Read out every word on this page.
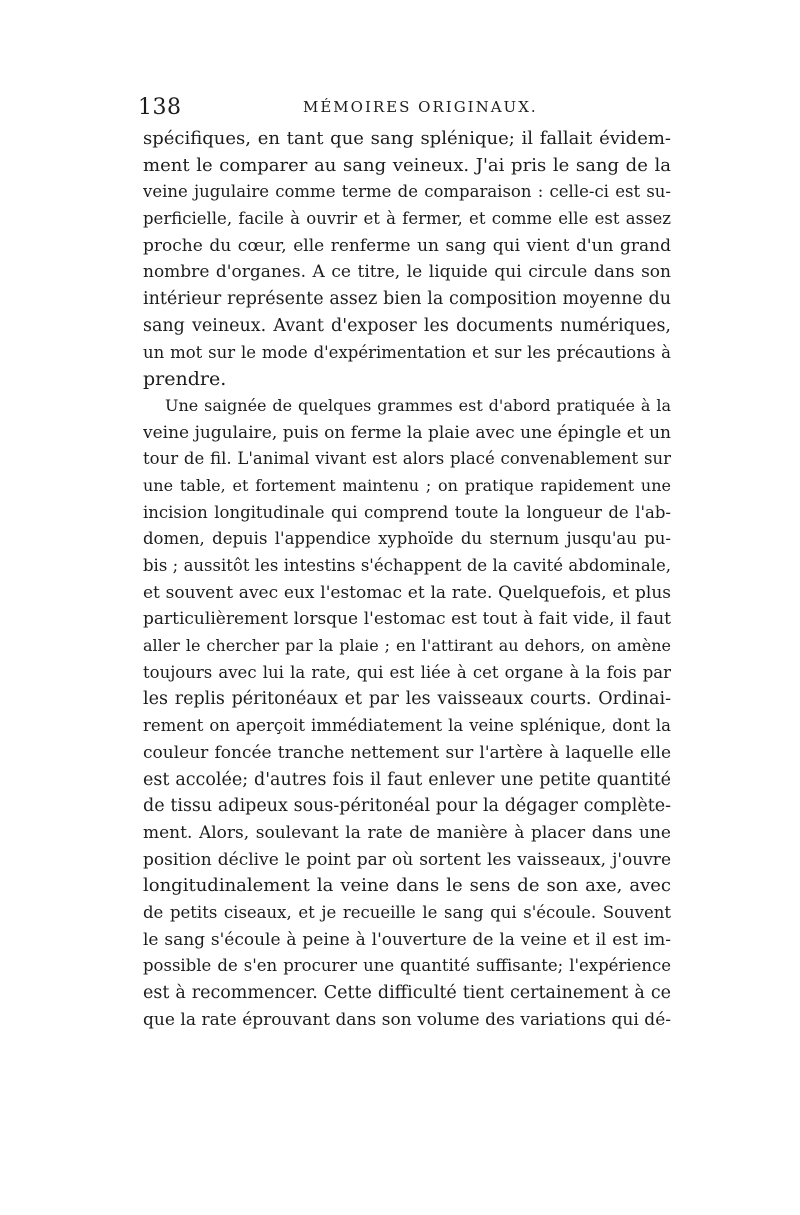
138	MÉMOIRES ORIGINAUX.
spécifiques, en tant que sang splénique; il fallait évidem-
ment le comparer au sang veineux. J'ai pris le sang de la
veine jugulaire comme terme de comparaison : celle-ci est su-
perficielle, facile à ouvrir et à fermer, et comme elle est assez
proche du cœur, elle renferme un sang qui vient d'un grand
nombre d'organes. A ce titre, le liquide qui circule dans son
intérieur représente assez bien la composition moyenne du
sang veineux. Avant d'exposer les documents numériques,
un mot sur le mode d'expérimentation et sur les précautions à
prendre.
Une saignée de quelques grammes est d'abord pratiquée à la
veine jugulaire, puis on ferme la plaie avec une épingle et un
tour de fil. L'animal vivant est alors placé convenablement sur
une table, et fortement maintenu ; on pratique rapidement une
incision longitudinale qui comprend toute la longueur de l'ab-
domen, depuis l'appendice xyphoïde du sternum jusqu'au pu-
bis ; aussitôt les intestins s'échappent de la cavité abdominale,
et souvent avec eux l'estomac et la rate. Quelquefois, et plus
particulièrement lorsque l'estomac est tout à fait vide, il faut
aller le chercher par la plaie ; en l'attirant au dehors, on amène
toujours avec lui la rate, qui est liée à cet organe à la fois par
les replis péritonéaux et par les vaisseaux courts. Ordinai-
rement on aperçoit immédiatement la veine splénique, dont la
couleur foncée tranche nettement sur l'artère à laquelle elle
est accolée; d'autres fois il faut enlever une petite quantité
de tissu adipeux sous-péritonéal pour la dégager complète-
ment. Alors, soulevant la rate de manière à placer dans une
position déclive le point par où sortent les vaisseaux, j'ouvre
longitudinalement la veine dans le sens de son axe, avec
de petits ciseaux, et je recueille le sang qui s'écoule. Souvent
le sang s'écoule à peine à l'ouverture de la veine et il est im-
possible de s'en procurer une quantité suffisante; l'expérience
est à recommencer. Cette difficulté tient certainement à ce
que la rate éprouvant dans son volume des variations qui dé-
